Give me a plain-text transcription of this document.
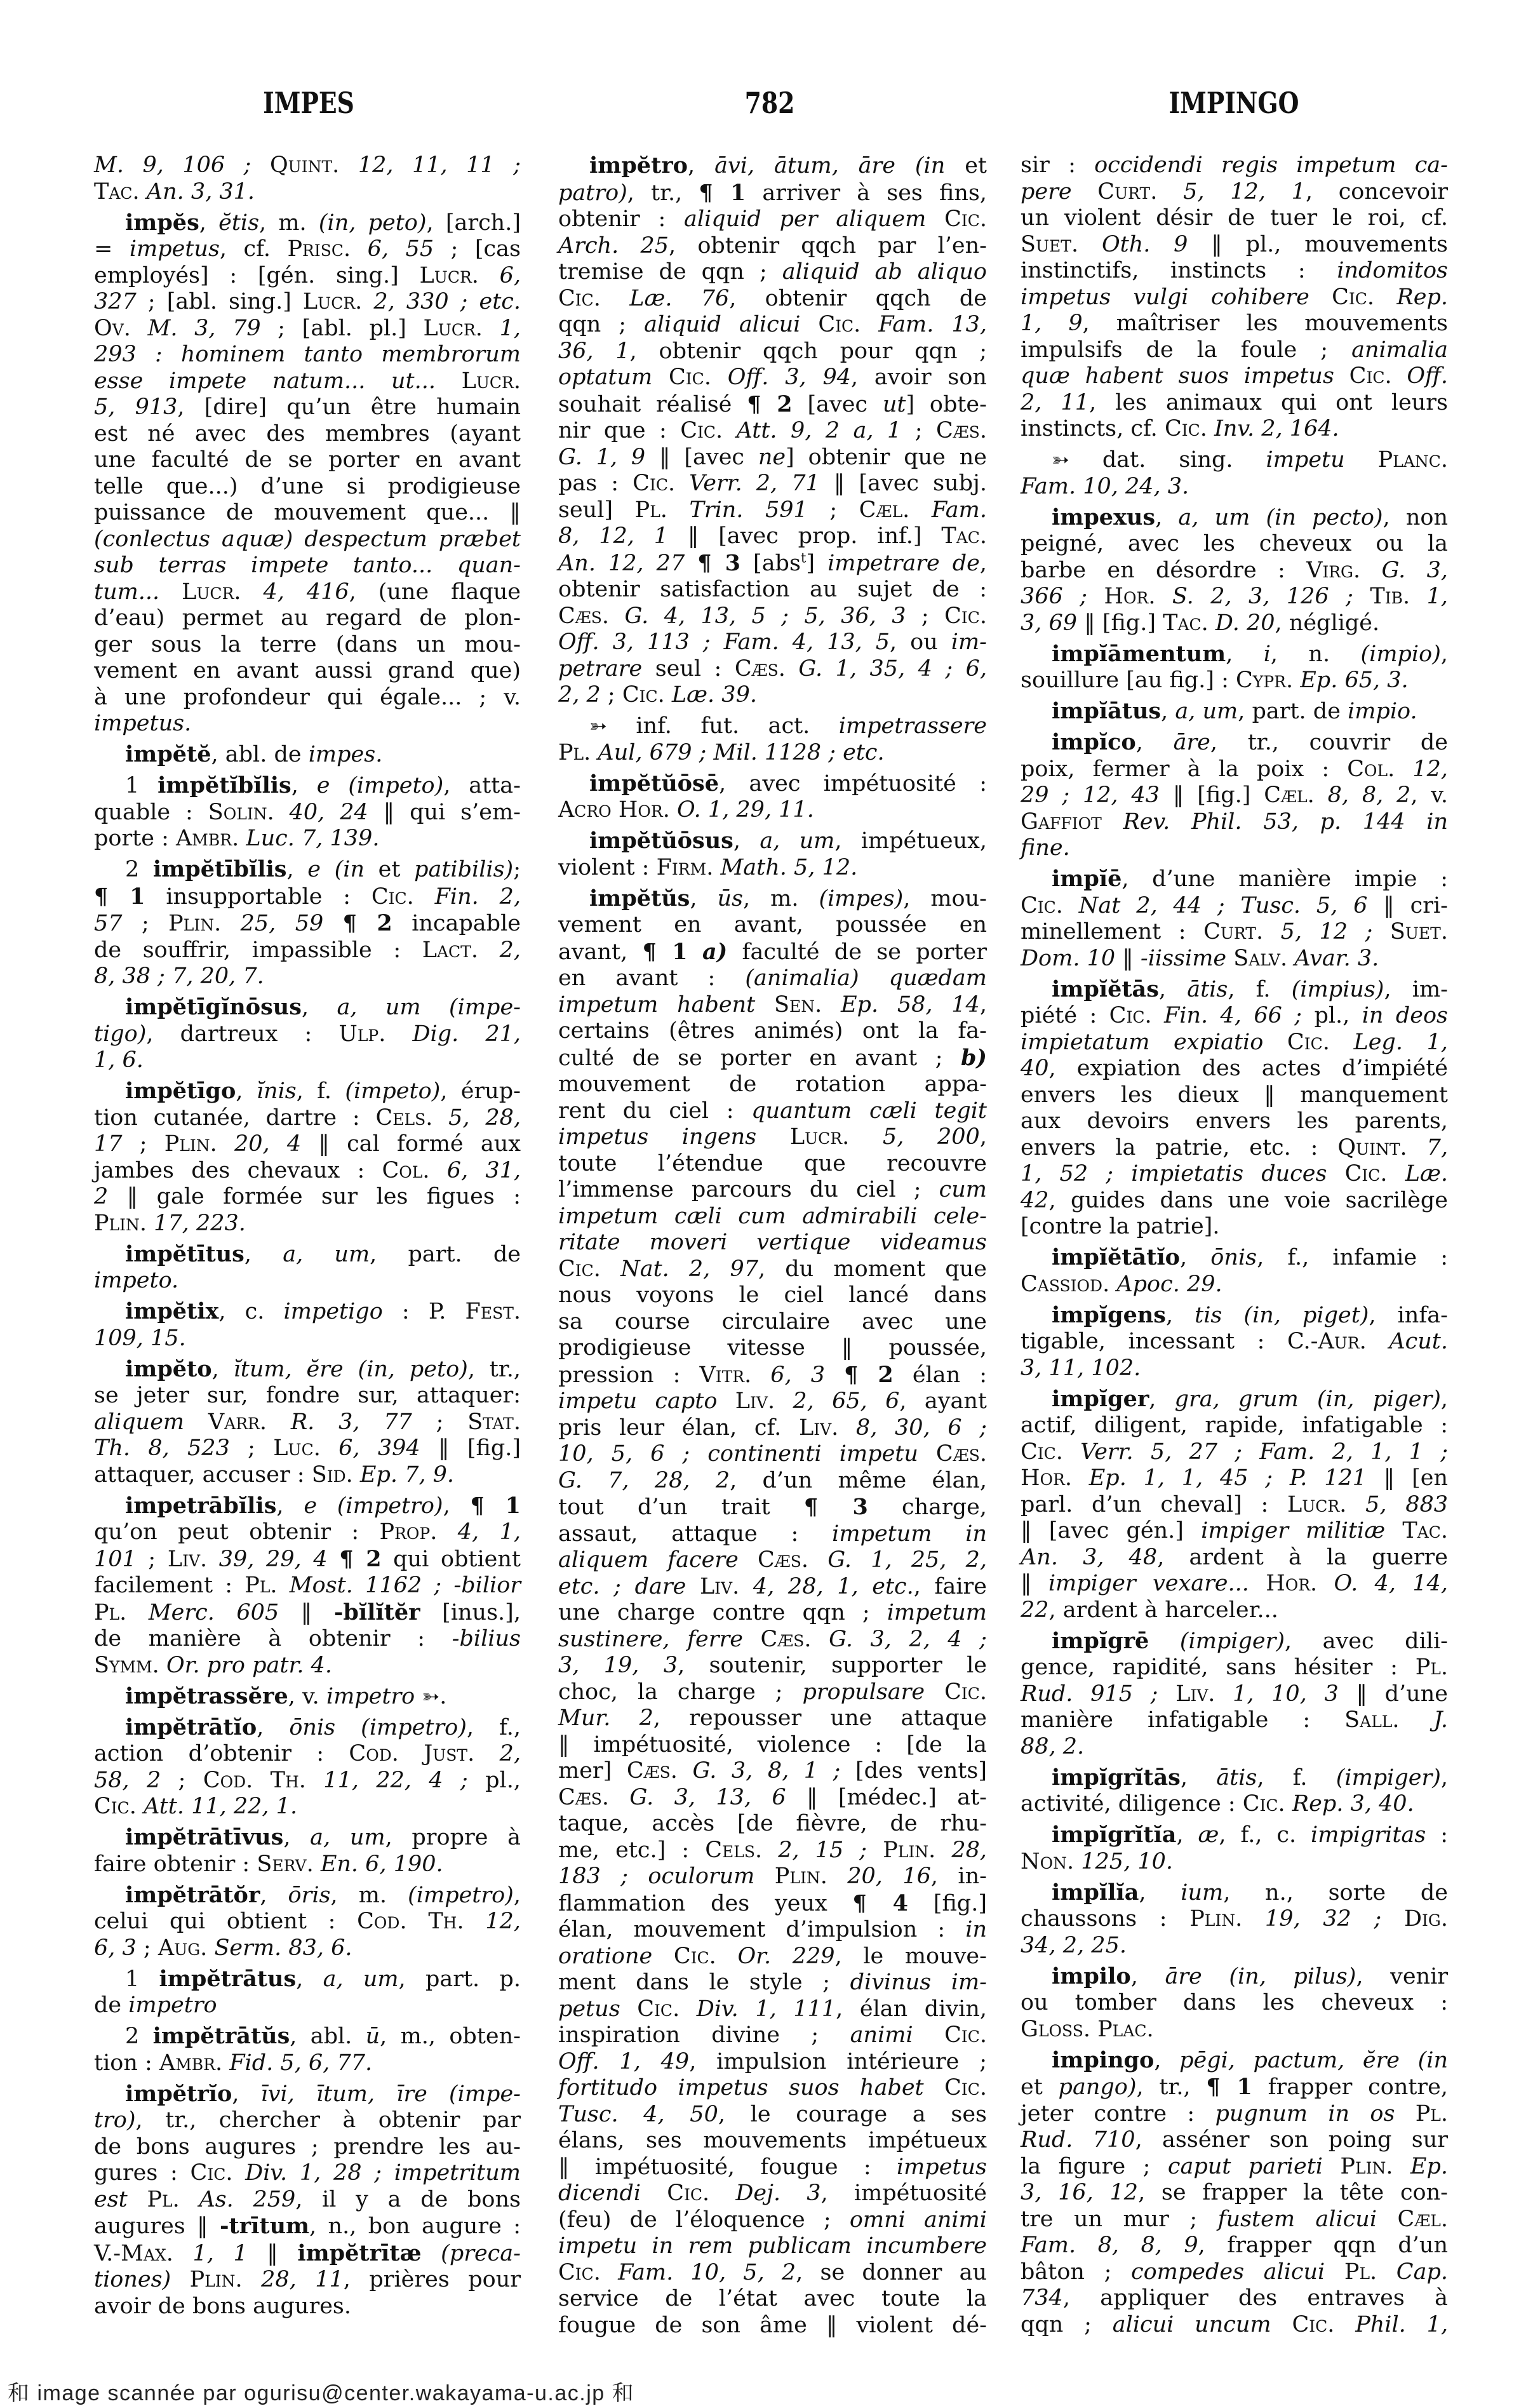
IMPES	782	IMPINGO
M. 9, 106 ; Quint. 12, 11, 11 ;
Tac. An. 3, 31.
impĕs, ĕtis, m. (in, peto), [arch.]
= impetus, cf. Prisc. 6, 55 ; [cas
employés] : [gén. sing.] Lucr. 6,
327 ; [abl. sing.] Lucr. 2, 330 ; etc.
Ov. M. 3, 79 ; [abl. pl.] Lucr. 1,
293 : hominem tanto membrorum
esse impete natum... ut... Lucr.
5, 913, [dire] qu’un être humain
est né avec des membres (ayant
une faculté de se porter en avant
telle que...) d’une si prodigieuse
puissance de mouvement que... ‖
(conlectus aquæ) despectum præbet
sub terras impete tanto... quan-
tum... Lucr. 4, 416, (une flaque
d’eau) permet au regard de plon-
ger sous la terre (dans un mou-
vement en avant aussi grand que)
à une profondeur qui égale... ; v.
impetus.
impĕtĕ, abl. de impes.
1 impĕtĭbĭlis, e (impeto), atta-
quable : Solin. 40, 24 ‖ qui s’em-
porte : Ambr. Luc. 7, 139.
2 impĕtībĭlis, e (in et patibilis);
¶ 1 insupportable : Cic. Fin. 2,
57 ; Plin. 25, 59 ¶ 2 incapable
de souffrir, impassible : Lact. 2,
8, 38 ; 7, 20, 7.
impĕtīgĭnōsus, a, um (impe-
tigo), dartreux : Ulp. Dig. 21,
1, 6.
impĕtīgo, ĭnis, f. (impeto), érup-
tion cutanée, dartre : Cels. 5, 28,
17 ; Plin. 20, 4 ‖ cal formé aux
jambes des chevaux : Col. 6, 31,
2 ‖ gale formée sur les figues :
Plin. 17, 223.
impĕtītus, a, um, part. de
impeto.
impĕtix, c. impetigo : P. Fest.
109, 15.
impĕto, ĭtum, ĕre (in, peto), tr.,
se jeter sur, fondre sur, attaquer:
aliquem Varr. R. 3, 77 ; Stat.
Th. 8, 523 ; Luc. 6, 394 ‖ [fig.]
attaquer, accuser : Sid. Ep. 7, 9.
impetrābĭlis, e (impetro), ¶ 1
qu’on peut obtenir : Prop. 4, 1,
101 ; Liv. 39, 29, 4 ¶ 2 qui obtient
facilement : Pl. Most. 1162 ; -bilior
Pl. Merc. 605 ‖ -bĭlĭtĕr [inus.],
de manière à obtenir : -bilius
Symm. Or. pro patr. 4.
impĕtrassĕre, v. impetro ➳.
impĕtrātĭo, ōnis (impetro), f.,
action d’obtenir : Cod. Just. 2,
58, 2 ; Cod. Th. 11, 22, 4 ; pl.,
Cic. Att. 11, 22, 1.
impĕtrātīvus, a, um, propre à
faire obtenir : Serv. En. 6, 190.
impĕtrātŏr, ōris, m. (impetro),
celui qui obtient : Cod. Th. 12,
6, 3 ; Aug. Serm. 83, 6.
1 impĕtrātus, a, um, part. p.
de impetro
2 impĕtrātŭs, abl. ū, m., obten-
tion : Ambr. Fid. 5, 6, 77.
impĕtrĭo, īvi, ītum, īre (impe-
tro), tr., chercher à obtenir par
de bons augures ; prendre les au-
gures : Cic. Div. 1, 28 ; impetritum
est Pl. As. 259, il y a de bons
augures ‖ -trītum, n., bon augure :
V.-Max. 1, 1 ‖ impĕtrītæ (preca-
tiones) Plin. 28, 11, prières pour
avoir de bons augures.
impĕtro, āvi, ātum, āre (in et
patro), tr., ¶ 1 arriver à ses fins,
obtenir : aliquid per aliquem Cic.
Arch. 25, obtenir qqch par l’en-
tremise de qqn ; aliquid ab aliquo
Cic. Læ. 76, obtenir qqch de
qqn ; aliquid alicui Cic. Fam. 13,
36, 1, obtenir qqch pour qqn ;
optatum Cic. Off. 3, 94, avoir son
souhait réalisé ¶ 2 [avec ut] obte-
nir que : Cic. Att. 9, 2 a, 1 ; Cæs.
G. 1, 9 ‖ [avec ne] obtenir que ne
pas : Cic. Verr. 2, 71 ‖ [avec subj.
seul] Pl. Trin. 591 ; Cæl. Fam.
8, 12, 1 ‖ [avec prop. inf.] Tac.
An. 12, 27 ¶ 3 [abs$^t$] impetrare de,
obtenir satisfaction au sujet de :
Cæs. G. 4, 13, 5 ; 5, 36, 3 ; Cic.
Off. 3, 113 ; Fam. 4, 13, 5, ou im-
petrare seul : Cæs. G. 1, 35, 4 ; 6,
2, 2 ; Cic. Læ. 39.
➳ inf. fut. act. impetrassere
Pl. Aul, 679 ; Mil. 1128 ; etc.
impĕtŭōsē, avec impétuosité :
Acro Hor. O. 1, 29, 11.
impĕtŭōsus, a, um, impétueux,
violent : Firm. Math. 5, 12.
impĕtŭs, ūs, m. (impes), mou-
vement en avant, poussée en
avant, ¶ 1 a) faculté de se porter
en avant : (animalia) quædam
impetum habent Sen. Ep. 58, 14,
certains (êtres animés) ont la fa-
culté de se porter en avant ; b)
mouvement de rotation appa-
rent du ciel : quantum cæli tegit
impetus ingens Lucr. 5, 200,
toute l’étendue que recouvre
l’immense parcours du ciel ; cum
impetum cæli cum admirabili cele-
ritate moveri vertique videamus
Cic. Nat. 2, 97, du moment que
nous voyons le ciel lancé dans
sa course circulaire avec une
prodigieuse vitesse ‖ poussée,
pression : Vitr. 6, 3 ¶ 2 élan :
impetu capto Liv. 2, 65, 6, ayant
pris leur élan, cf. Liv. 8, 30, 6 ;
10, 5, 6 ; continenti impetu Cæs.
G. 7, 28, 2, d’un même élan,
tout d’un trait ¶ 3 charge,
assaut, attaque : impetum in
aliquem facere Cæs. G. 1, 25, 2,
etc. ; dare Liv. 4, 28, 1, etc., faire
une charge contre qqn ; impetum
sustinere, ferre Cæs. G. 3, 2, 4 ;
3, 19, 3, soutenir, supporter le
choc, la charge ; propulsare Cic.
Mur. 2, repousser une attaque
‖ impétuosité, violence : [de la
mer] Cæs. G. 3, 8, 1 ; [des vents]
Cæs. G. 3, 13, 6 ‖ [médec.] at-
taque, accès [de fièvre, de rhu-
me, etc.] : Cels. 2, 15 ; Plin. 28,
183 ; oculorum Plin. 20, 16, in-
flammation des yeux ¶ 4 [fig.]
élan, mouvement d’impulsion : in
oratione Cic. Or. 229, le mouve-
ment dans le style ; divinus im-
petus Cic. Div. 1, 111, élan divin,
inspiration divine ; animi Cic.
Off. 1, 49, impulsion intérieure ;
fortitudo impetus suos habet Cic.
Tusc. 4, 50, le courage a ses
élans, ses mouvements impétueux
‖ impétuosité, fougue : impetus
dicendi Cic. Dej. 3, impétuosité
(feu) de l’éloquence ; omni animi
impetu in rem publicam incumbere
Cic. Fam. 10, 5, 2, se donner au
service de l’état avec toute la
fougue de son âme ‖ violent dé-
sir : occidendi regis impetum ca-
pere Curt. 5, 12, 1, concevoir
un violent désir de tuer le roi, cf.
Suet. Oth. 9 ‖ pl., mouvements
instinctifs, instincts : indomitos
impetus vulgi cohibere Cic. Rep.
1, 9, maîtriser les mouvements
impulsifs de la foule ; animalia
quæ habent suos impetus Cic. Off.
2, 11, les animaux qui ont leurs
instincts, cf. Cic. Inv. 2, 164.
➳ dat. sing. impetu Planc.
Fam. 10, 24, 3.
impexus, a, um (in pecto), non
peigné, avec les cheveux ou la
barbe en désordre : Virg. G. 3,
366 ; Hor. S. 2, 3, 126 ; Tib. 1,
3, 69 ‖ [fig.] Tac. D. 20, négligé.
impĭāmentum, i, n. (impio),
souillure [au fig.] : Cypr. Ep. 65, 3.
impĭātus, a, um, part. de impio.
impĭco, āre, tr., couvrir de
poix, fermer à la poix : Col. 12,
29 ; 12, 43 ‖ [fig.] Cæl. 8, 8, 2, v.
Gaffiot Rev. Phil. 53, p. 144 in
fine.
impĭē, d’une manière impie :
Cic. Nat 2, 44 ; Tusc. 5, 6 ‖ cri-
minellement : Curt. 5, 12 ; Suet.
Dom. 10 ‖ -iissime Salv. Avar. 3.
impĭĕtās, ātis, f. (impius), im-
piété : Cic. Fin. 4, 66 ; pl., in deos
impietatum expiatio Cic. Leg. 1,
40, expiation des actes d’impiété
envers les dieux ‖ manquement
aux devoirs envers les parents,
envers la patrie, etc. : Quint. 7,
1, 52 ; impietatis duces Cic. Læ.
42, guides dans une voie sacrilège
[contre la patrie].
impĭĕtātĭo, ōnis, f., infamie :
Cassiod. Apoc. 29.
impĭgens, tis (in, piget), infa-
tigable, incessant : C.-Aur. Acut.
3, 11, 102.
impĭger, gra, grum (in, piger),
actif, diligent, rapide, infatigable :
Cic. Verr. 5, 27 ; Fam. 2, 1, 1 ;
Hor. Ep. 1, 1, 45 ; P. 121 ‖ [en
parl. d’un cheval] : Lucr. 5, 883
‖ [avec gén.] impiger militiæ Tac.
An. 3, 48, ardent à la guerre
‖ impiger vexare... Hor. O. 4, 14,
22, ardent à harceler...
impĭgrē (impiger), avec dili-
gence, rapidité, sans hésiter : Pl.
Rud. 915 ; Liv. 1, 10, 3 ‖ d’une
manière infatigable : Sall. J.
88, 2.
impĭgrĭtās, ātis, f. (impiger),
activité, diligence : Cic. Rep. 3, 40.
impĭgrĭtĭa, æ, f., c. impigritas :
Non. 125, 10.
impĭlĭa, ium, n., sorte de
chaussons : Plin. 19, 32 ; Dig.
34, 2, 25.
impilo, āre (in, pilus), venir
ou tomber dans les cheveux :
Gloss. Plac.
impingo, pēgi, pactum, ĕre (in
et pango), tr., ¶ 1 frapper contre,
jeter contre : pugnum in os Pl.
Rud. 710, asséner son poing sur
la figure ; caput parieti Plin. Ep.
3, 16, 12, se frapper la tête con-
tre un mur ; fustem alicui Cæl.
Fam. 8, 8, 9, frapper qqn d’un
bâton ; compedes alicui Pl. Cap.
734, appliquer des entraves à
qqn ; alicui uncum Cic. Phil. 1,
和 image scannée par ogurisu@center.wakayama-u.ac.jp 和
